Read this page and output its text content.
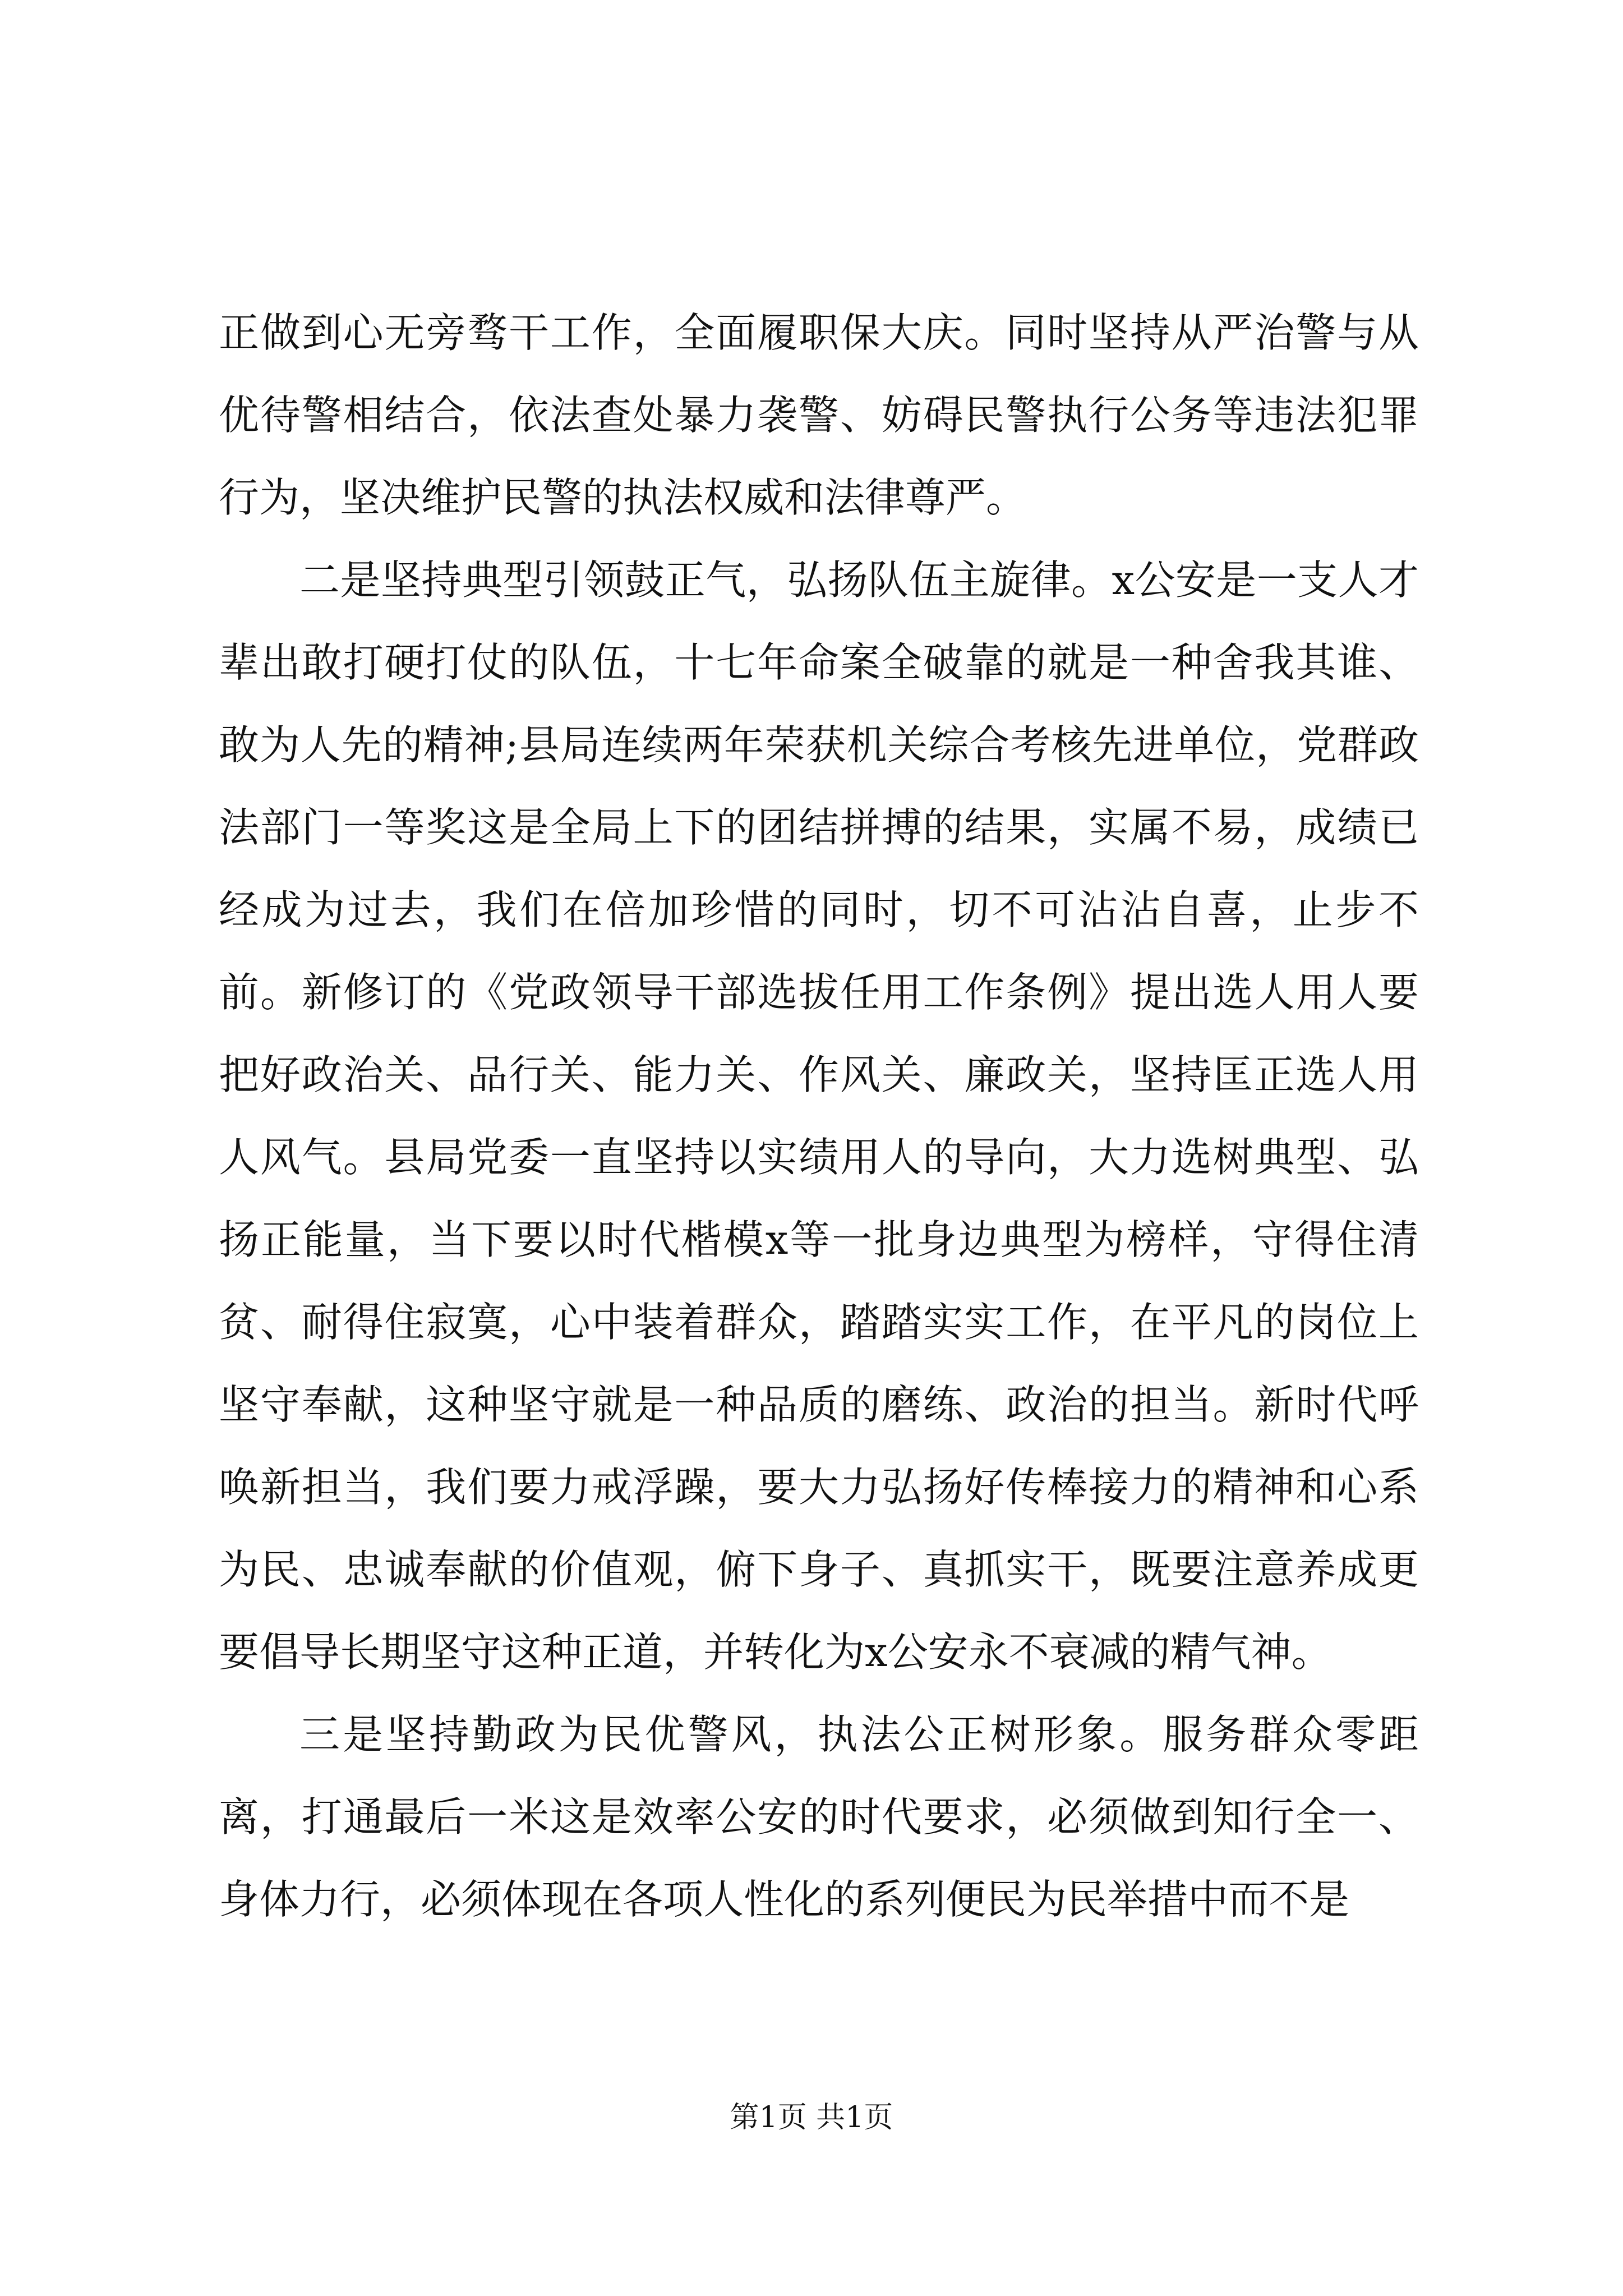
正做到心无旁骛干工作，全面履职保大庆。同时坚持从严治警与从优待警相结合，依法查处暴力袭警、妨碍民警执行公务等违法犯罪行为，坚决维护民警的执法权威和法律尊严。

二是坚持典型引领鼓正气，弘扬队伍主旋律。x公安是一支人才辈出敢打硬打仗的队伍，十七年命案全破靠的就是一种舍我其谁、敢为人先的精神;县局连续两年荣获机关综合考核先进单位，党群政法部门一等奖这是全局上下的团结拼搏的结果，实属不易，成绩已经成为过去，我们在倍加珍惜的同时，切不可沾沾自喜，止步不前。新修订的《党政领导干部选拔任用工作条例》提出选人用人要把好政治关、品行关、能力关、作风关、廉政关，坚持匡正选人用人风气。县局党委一直坚持以实绩用人的导向，大力选树典型、弘扬正能量，当下要以时代楷模x等一批身边典型为榜样，守得住清贫、耐得住寂寞，心中装着群众，踏踏实实工作，在平凡的岗位上坚守奉献，这种坚守就是一种品质的磨练、政治的担当。新时代呼唤新担当，我们要力戒浮躁，要大力弘扬好传棒接力的精神和心系为民、忠诚奉献的价值观，俯下身子、真抓实干，既要注意养成更要倡导长期坚守这种正道，并转化为x公安永不衰减的精气神。

三是坚持勤政为民优警风，执法公正树形象。服务群众零距离，打通最后一米这是效率公安的时代要求，必须做到知行全一、身体力行，必须体现在各项人性化的系列便民为民举措中而不是

第1页 共1页
